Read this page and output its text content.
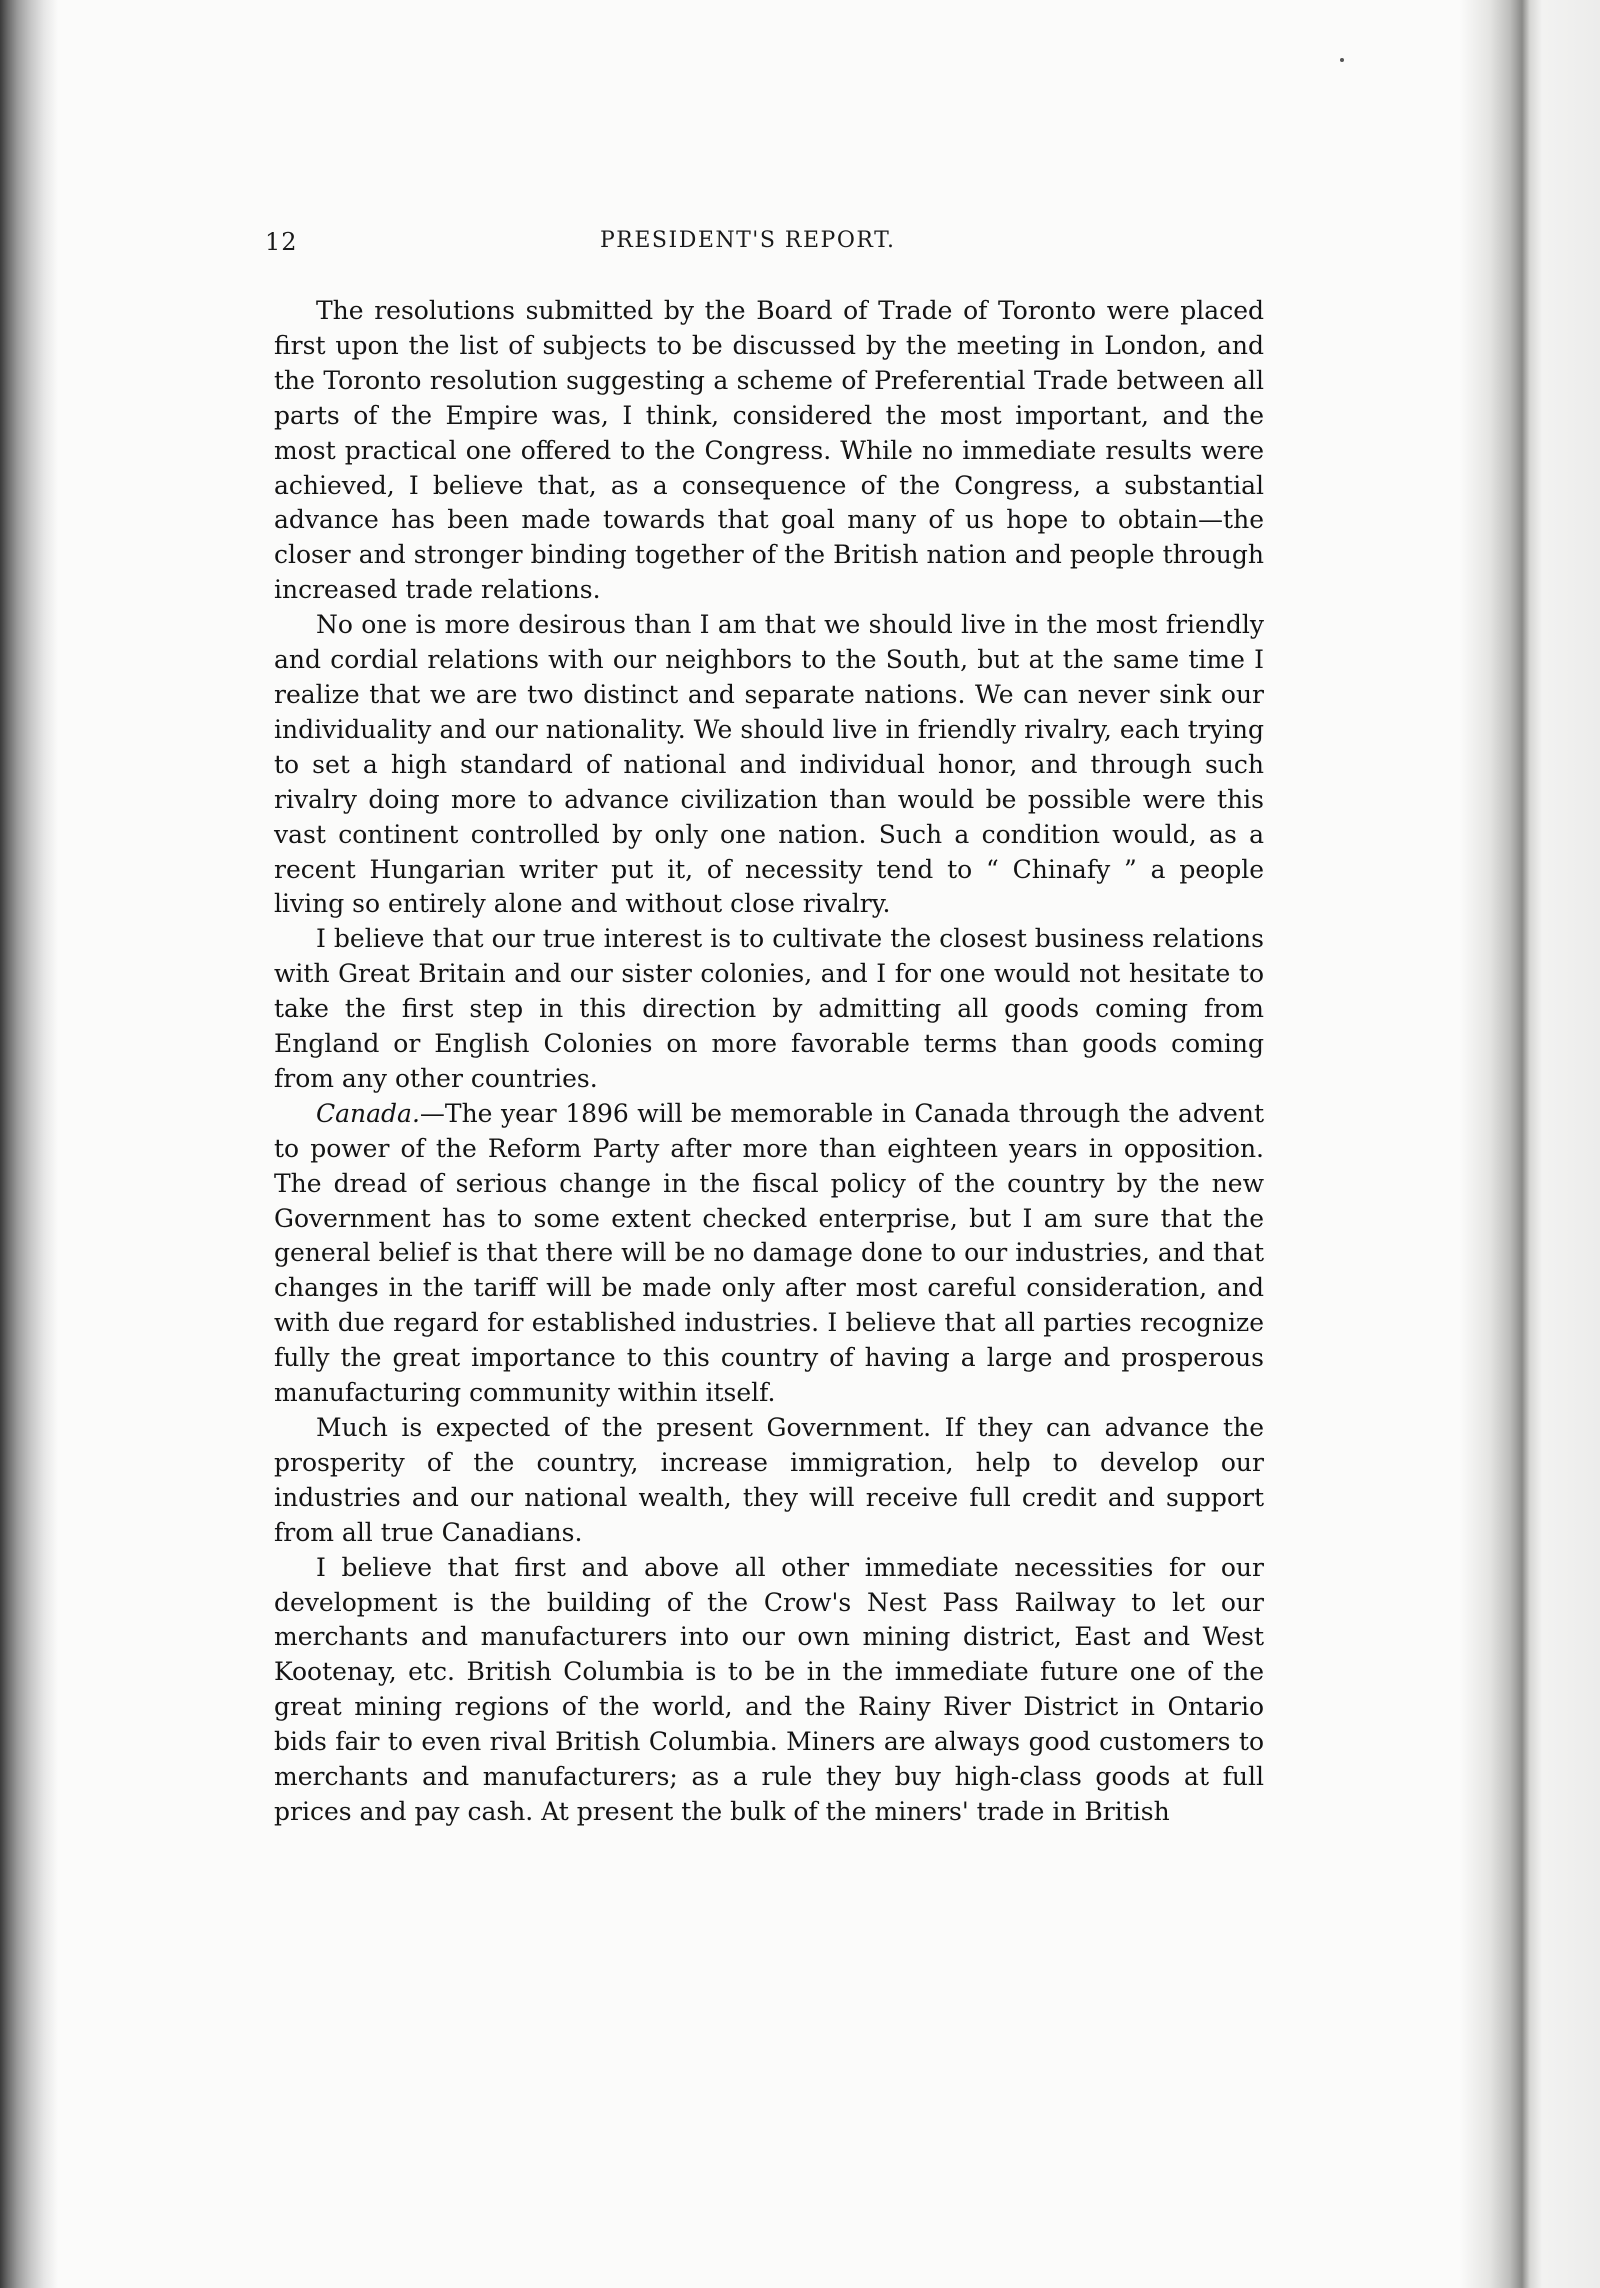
12	PRESIDENT'S REPORT.

The resolutions submitted by the Board of Trade of Toronto were placed first upon the list of subjects to be discussed by the meeting in London, and the Toronto resolution suggesting a scheme of Preferential Trade between all parts of the Empire was, I think, considered the most important, and the most practical one offered to the Congress. While no immediate results were achieved, I believe that, as a consequence of the Congress, a substantial advance has been made towards that goal many of us hope to obtain—the closer and stronger binding together of the British nation and people through increased trade relations.

No one is more desirous than I am that we should live in the most friendly and cordial relations with our neighbors to the South, but at the same time I realize that we are two distinct and separate nations. We can never sink our individuality and our nationality. We should live in friendly rivalry, each trying to set a high standard of national and individual honor, and through such rivalry doing more to advance civilization than would be possible were this vast continent controlled by only one nation. Such a condition would, as a recent Hungarian writer put it, of necessity tend to “ Chinafy ” a people living so entirely alone and without close rivalry.

I believe that our true interest is to cultivate the closest business relations with Great Britain and our sister colonies, and I for one would not hesitate to take the first step in this direction by admitting all goods coming from England or English Colonies on more favorable terms than goods coming from any other countries.

Canada.—The year 1896 will be memorable in Canada through the advent to power of the Reform Party after more than eighteen years in opposition. The dread of serious change in the fiscal policy of the country by the new Government has to some extent checked enterprise, but I am sure that the general belief is that there will be no damage done to our industries, and that changes in the tariff will be made only after most careful consideration, and with due regard for established industries. I believe that all parties recognize fully the great importance to this country of having a large and prosperous manufacturing community within itself.

Much is expected of the present Government. If they can advance the prosperity of the country, increase immigration, help to develop our industries and our national wealth, they will receive full credit and support from all true Canadians.

I believe that first and above all other immediate necessities for our development is the building of the Crow's Nest Pass Railway to let our merchants and manufacturers into our own mining district, East and West Kootenay, etc. British Columbia is to be in the immediate future one of the great mining regions of the world, and the Rainy River District in Ontario bids fair to even rival British Columbia. Miners are always good customers to merchants and manufacturers; as a rule they buy high-class goods at full prices and pay cash. At present the bulk of the miners' trade in British
